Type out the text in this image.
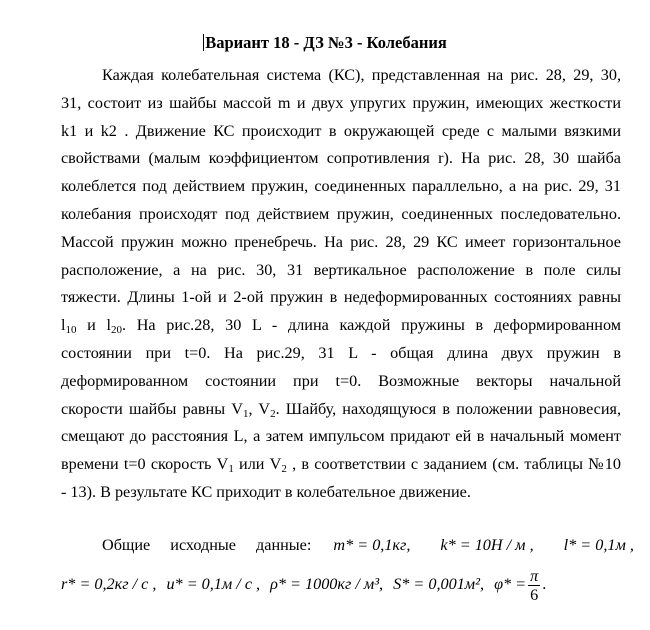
Вариант 18 - ДЗ №3 - Колебания
Каждая колебательная система (КС), представленная на рис. 28, 29, 30,
31, состоит из шайбы массой m и двух упругих пружин, имеющих жесткости
k1 и k2 . Движение КС происходит в окружающей среде с малыми вязкими
свойствами (малым коэффициентом сопротивления r). На рис. 28, 30 шайба
колеблется под действием пружин, соединенных параллельно, а на рис. 29, 31
колебания происходят под действием пружин, соединенных последовательно.
Массой пружин можно пренебречь. На рис. 28, 29 КС имеет горизонтальное
расположение, а на рис. 30, 31 вертикальное расположение в поле силы
тяжести. Длины 1-ой и 2-ой пружин в недеформированных состояниях равны
l10 и l20. На рис.28, 30 L - длина каждой пружины в деформированном
состоянии при t=0. На рис.29, 31 L - общая длина двух пружин в
деформированном состоянии при t=0. Возможные векторы начальной
скорости шайбы равны V1, V2. Шайбу, находящуюся в положении равновесия,
смещают до расстояния L, а затем импульсом придают ей в начальный момент
времени t=0 скорость V1 или V2 , в соответствии с заданием (см. таблицы №10
- 13). В результате КС приходит в колебательное движение.
Общие исходные данные: m* = 0,1кг, k* = 10H / м , l* = 0,1м ,
r* = 0,2кг / с , u* = 0,1м / с , ρ* = 1000кг / м³, S* = 0,001м², $\varphi* = \frac{\pi}{6}$ .
